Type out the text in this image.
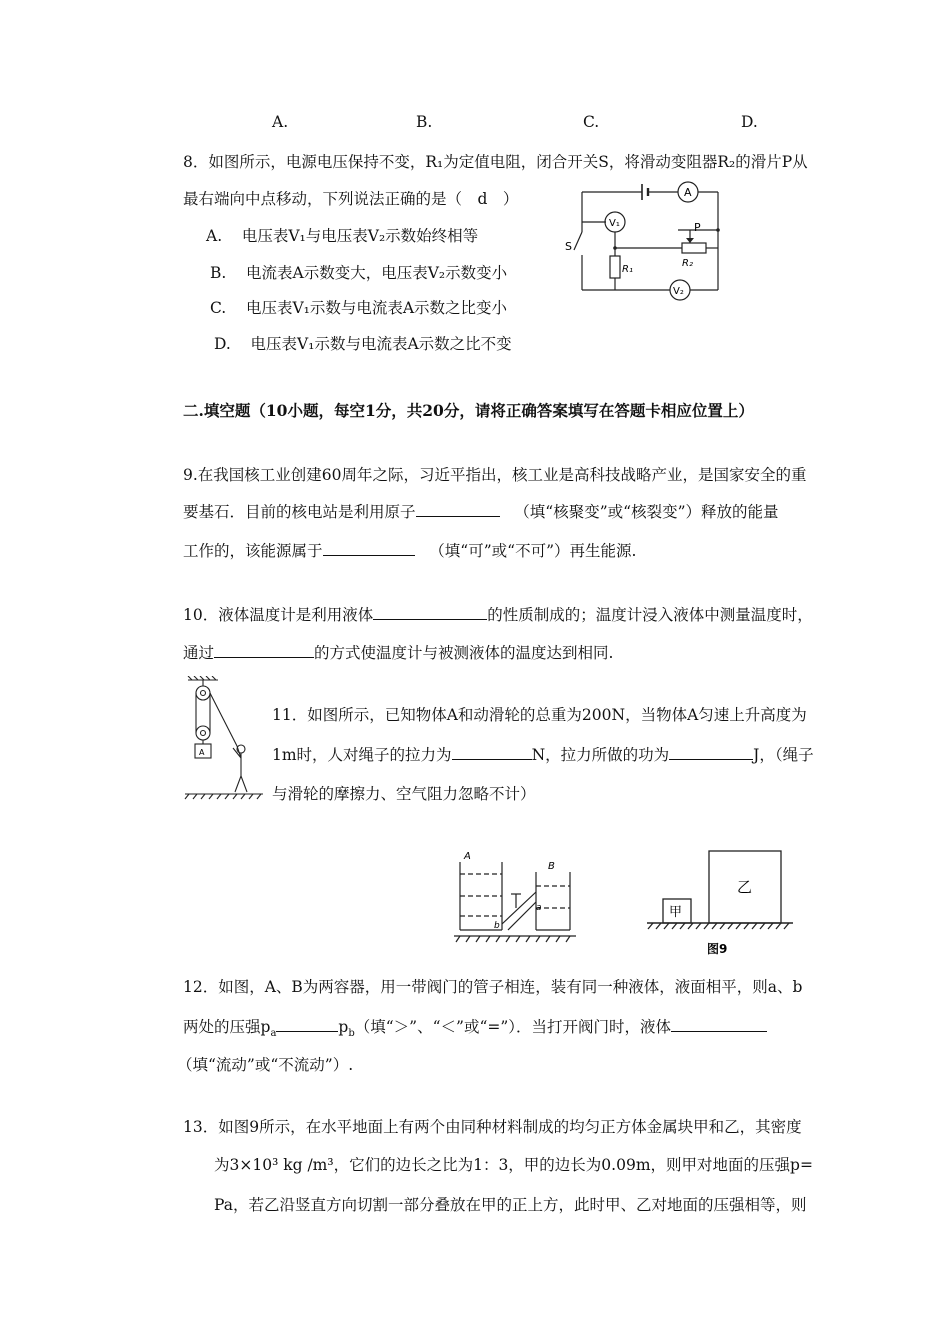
A.	B.	C.	D.
8．如图所示，电源电压保持不变，R₁为定值电阻，闭合开关S，将滑动变阻器R₂的滑片P从
最右端向中点移动，下列说法正确的是（　d　）
A. 电压表V₁与电压表V₂示数始终相等
B. 电流表A示数变大，电压表V₂示数变小
C. 电压表V₁示数与电流表A示数之比变小
D. 电压表V₁示数与电流表A示数之比不变
A
V₁
V₂
S
R₁
R₂
P
二.填空题（10小题，每空1分，共20分，请将正确答案填写在答题卡相应位置上）
9.在我国核工业创建60周年之际，习近平指出，核工业是高科技战略产业，是国家安全的重
要基石．目前的核电站是利用原子	（填“核聚变”或“核裂变”）释放的能量
工作的，该能源属于	（填“可”或“不可”）再生能源.
10．液体温度计是利用液体	的性质制成的；温度计浸入液体中测量温度时，
通过	的方式使温度计与被测液体的温度达到相同.
A
11．如图所示，已知物体A和动滑轮的总重为200N，当物体A匀速上升高度为
1m时，人对绳子的拉力为	N，拉力所做的功为	J，（绳子
与滑轮的摩擦力、空气阻力忽略不计）
A
B
a
b
甲
乙
图9
12．如图，A、B为两容器，用一带阀门的管子相连，装有同一种液体，液面相平，则a、b
两处的压强$p_a$	$p_b$（填“＞”、“＜”或“=”）．当打开阀门时，液体
（填“流动”或“不流动”）.
13．如图9所示，在水平地面上有两个由同种材料制成的均匀正方体金属块甲和乙，其密度
为3×10³ kg /m³，它们的边长之比为1：3，甲的边长为0.09m，则甲对地面的压强p=
Pa，若乙沿竖直方向切割一部分叠放在甲的正上方，此时甲、乙对地面的压强相等，则
